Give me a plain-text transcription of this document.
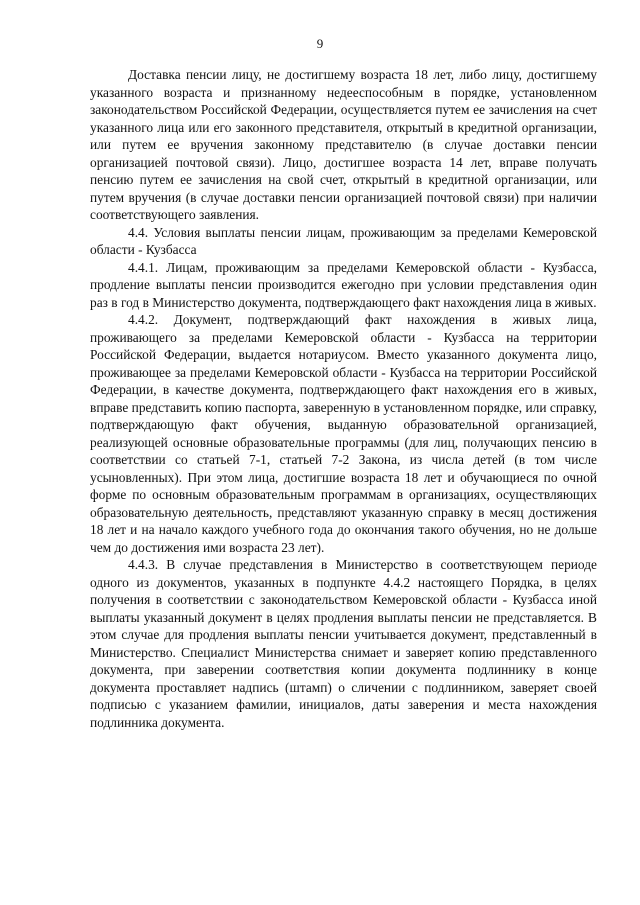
9

Доставка пенсии лицу, не достигшему возраста 18 лет, либо лицу, достигшему указанного возраста и признанному недееспособным в порядке, установленном законодательством Российской Федерации, осуществляется путем ее зачисления на счет указанного лица или его законного представителя, открытый в кредитной организации, или путем ее вручения законному представителю (в случае доставки пенсии организацией почтовой связи). Лицо, достигшее возраста 14 лет, вправе получать пенсию путем ее зачисления на свой счет, открытый в кредитной организации, или путем вручения (в случае доставки пенсии организацией почтовой связи) при наличии соответствующего заявления.

4.4. Условия выплаты пенсии лицам, проживающим за пределами Кемеровской области - Кузбасса

4.4.1. Лицам, проживающим за пределами Кемеровской области - Кузбасса, продление выплаты пенсии производится ежегодно при условии представления один раз в год в Министерство документа, подтверждающего факт нахождения лица в живых.

4.4.2. Документ, подтверждающий факт нахождения в живых лица, проживающего за пределами Кемеровской области - Кузбасса на территории Российской Федерации, выдается нотариусом. Вместо указанного документа лицо, проживающее за пределами Кемеровской области - Кузбасса на территории Российской Федерации, в качестве документа, подтверждающего факт нахождения его в живых, вправе представить копию паспорта, заверенную в установленном порядке, или справку, подтверждающую факт обучения, выданную образовательной организацией, реализующей основные образовательные программы (для лиц, получающих пенсию в соответствии со статьей 7-1, статьей 7-2 Закона, из числа детей (в том числе усыновленных). При этом лица, достигшие возраста 18 лет и обучающиеся по очной форме по основным образовательным программам в организациях, осуществляющих образовательную деятельность, представляют указанную справку в месяц достижения 18 лет и на начало каждого учебного года до окончания такого обучения, но не дольше чем до достижения ими возраста 23 лет).

4.4.3. В случае представления в Министерство в соответствующем периоде одного из документов, указанных в подпункте 4.4.2 настоящего Порядка, в целях получения в соответствии с законодательством Кемеровской области - Кузбасса иной выплаты указанный документ в целях продления выплаты пенсии не представляется. В этом случае для продления выплаты пенсии учитывается документ, представленный в Министерство. Специалист Министерства снимает и заверяет копию представленного документа, при заверении соответствия копии документа подлиннику в конце документа проставляет надпись (штамп) о сличении с подлинником, заверяет своей подписью с указанием фамилии, инициалов, даты заверения и места нахождения подлинника документа.
